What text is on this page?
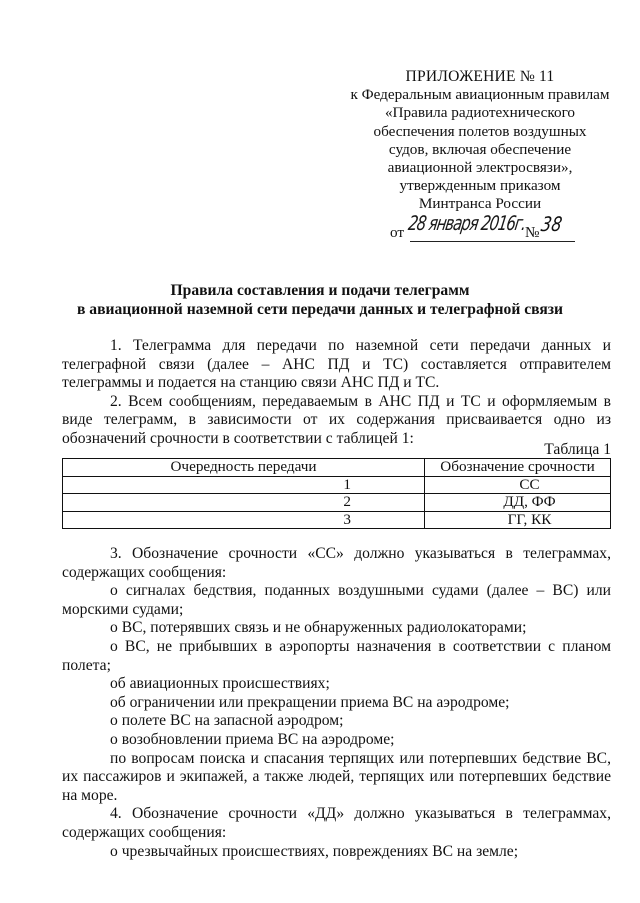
ПРИЛОЖЕНИЕ № 11
к Федеральным авиационным правилам
«Правила радиотехнического
обеспечения полетов воздушных
судов, включая обеспечение
авиационной электросвязи»,
утвержденным приказом
Минтранса России
от 28 января 2016г.
№ 38
Правила составления и подачи телеграмм
в авиационной наземной сети передачи данных и телеграфной связи

1. Телеграмма для передачи по наземной сети передачи данных и телеграфной связи (далее – АНС ПД и ТС) составляется отправителем телеграммы и подается на станцию связи АНС ПД и ТС.

2. Всем сообщениям, передаваемым в АНС ПД и ТС и оформляемым в виде телеграмм, в зависимости от их содержания присваивается одно из обозначений срочности в соответствии с таблицей 1:

Таблица 1
Очередность передачи	Обозначение срочности
1	СС
2	ДД, ФФ
3	ГГ, КК

3. Обозначение срочности «СС» должно указываться в телеграммах, содержащих сообщения:

о сигналах бедствия, поданных воздушными судами (далее – ВС) или морскими судами;

о ВС, потерявших связь и не обнаруженных радиолокаторами;

о ВС, не прибывших в аэропорты назначения в соответствии с планом полета;

об авиационных происшествиях;

об ограничении или прекращении приема ВС на аэродроме;

о полете ВС на запасной аэродром;

о возобновлении приема ВС на аэродроме;

по вопросам поиска и спасания терпящих или потерпевших бедствие ВС, их пассажиров и экипажей, а также людей, терпящих или потерпевших бедствие на море.

4. Обозначение срочности «ДД» должно указываться в телеграммах, содержащих сообщения:

о чрезвычайных происшествиях, повреждениях ВС на земле;
